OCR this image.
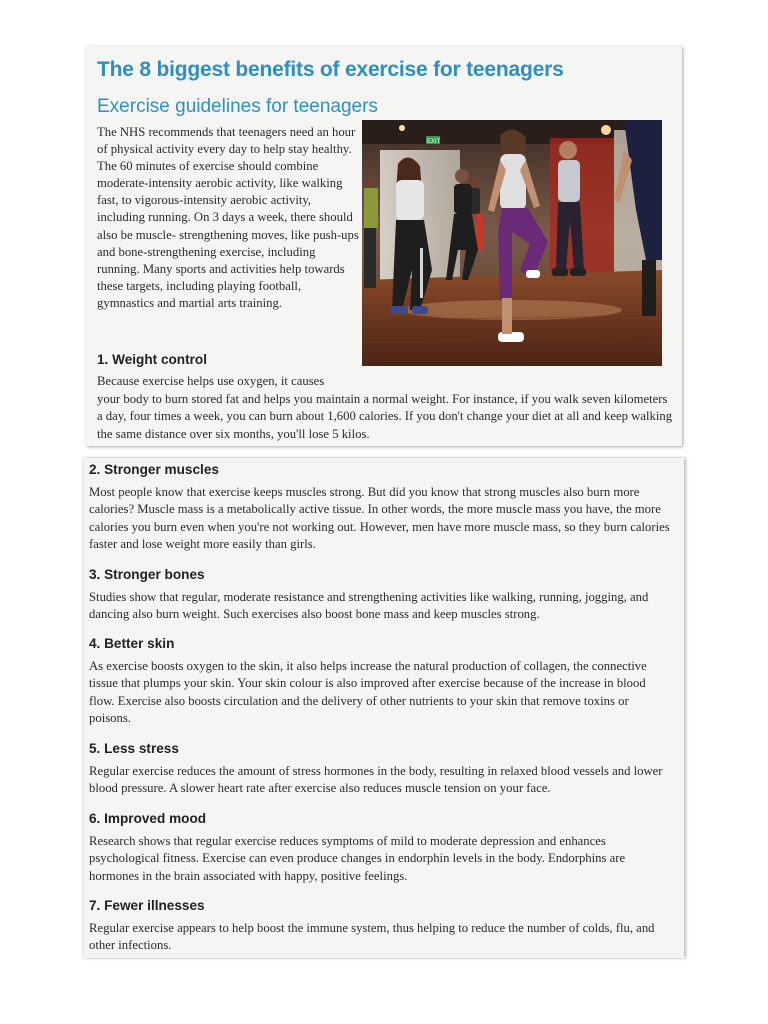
The 8 biggest benefits of exercise for teenagers
Exercise guidelines for teenagers

The NHS recommends that teenagers need an hour of physical activity every day to help stay healthy. The 60 minutes of exercise should combine moderate-intensity aerobic activity, like walking fast, to vigorous-intensity aerobic activity, including running. On 3 days a week, there should also be muscle- strengthening moves, like push-ups and bone-strengthening exercise, including running. Many sports and activities help towards these targets, including playing football, gymnastics and martial arts training.

EXIT
1. Weight control

Because exercise helps use oxygen, it causes
your body to burn stored fat and helps you maintain a normal weight. For instance, if you walk seven kilometers a day, four times a week, you can burn about 1,600 calories. If you don't change your diet at all and keep walking the same distance over six months, you'll lose 5 kilos.

2. Stronger muscles

Most people know that exercise keeps muscles strong. But did you know that strong muscles also burn more calories? Muscle mass is a metabolically active tissue. In other words, the more muscle mass you have, the more calories you burn even when you're not working out. However, men have more muscle mass, so they burn calories faster and lose weight more easily than girls.

3. Stronger bones

Studies show that regular, moderate resistance and strengthening activities like walking, running, jogging, and dancing also burn weight. Such exercises also boost bone mass and keep muscles strong.

4. Better skin

As exercise boosts oxygen to the skin, it also helps increase the natural production of collagen, the connective tissue that plumps your skin. Your skin colour is also improved after exercise because of the increase in blood flow. Exercise also boosts circulation and the delivery of other nutrients to your skin that remove toxins or poisons.

5. Less stress

Regular exercise reduces the amount of stress hormones in the body, resulting in relaxed blood vessels and lower blood pressure. A slower heart rate after exercise also reduces muscle tension on your face.

6. Improved mood

Research shows that regular exercise reduces symptoms of mild to moderate depression and enhances psychological fitness. Exercise can even produce changes in endorphin levels in the body. Endorphins are hormones in the brain associated with happy, positive feelings.

7. Fewer illnesses

Regular exercise appears to help boost the immune system, thus helping to reduce the number of colds, flu, and other infections.
